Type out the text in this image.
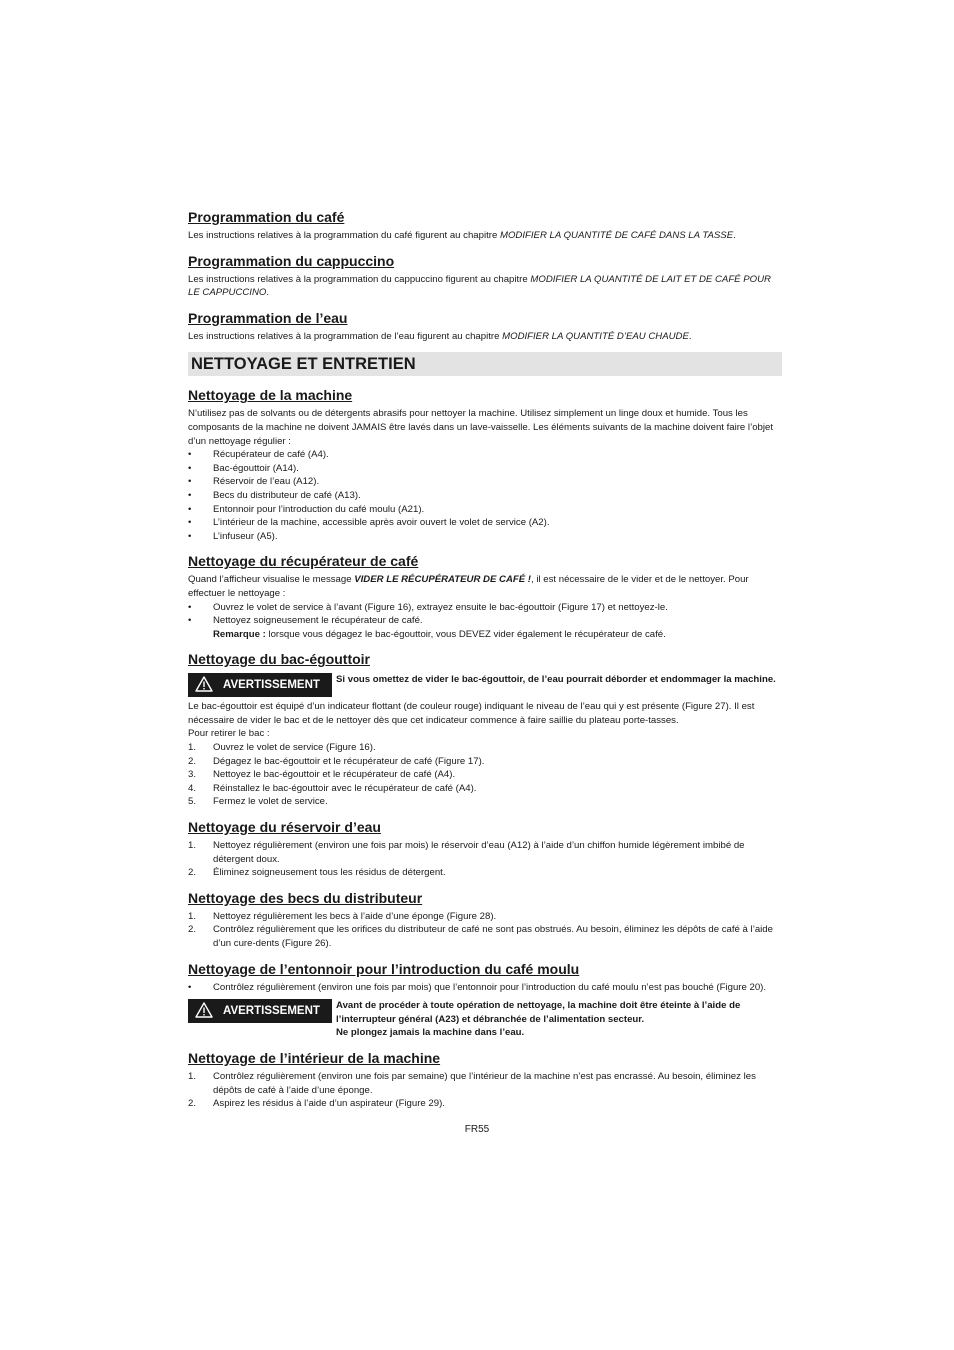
Programmation du café

Les instructions relatives à la programmation du café figurent au chapitre MODIFIER LA QUANTITÉ DE CAFÉ DANS LA TASSE.

Programmation du cappuccino

Les instructions relatives à la programmation du cappuccino figurent au chapitre MODIFIER LA QUANTITÉ DE LAIT ET DE CAFÉ POUR LE CAPPUCCINO.

Programmation de l’eau

Les instructions relatives à la programmation de l’eau figurent au chapitre MODIFIER LA QUANTITÉ D’EAU CHAUDE.

NETTOYAGE ET ENTRETIEN
Nettoyage de la machine

N’utilisez pas de solvants ou de détergents abrasifs pour nettoyer la machine. Utilisez simplement un linge doux et humide. Tous les composants de la machine ne doivent JAMAIS être lavés dans un lave-vaisselle. Les éléments suivants de la machine doivent faire l’objet d’un nettoyage régulier :

• Récupérateur de café (A4).
• Bac-égouttoir (A14).
• Réservoir de l’eau (A12).
• Becs du distributeur de café (A13).
• Entonnoir pour l’introduction du café moulu (A21).
• L’intérieur de la machine, accessible après avoir ouvert le volet de service (A2).
• L’infuseur (A5).
Nettoyage du récupérateur de café

Quand l’afficheur visualise le message VIDER LE RÉCUPÉRATEUR DE CAFÉ !, il est nécessaire de le vider et de le nettoyer. Pour effectuer le nettoyage :

• Ouvrez le volet de service à l’avant (Figure 16), extrayez ensuite le bac-égouttoir (Figure 17) et nettoyez-le.
• Nettoyez soigneusement le récupérateur de café.
Remarque : lorsque vous dégagez le bac-égouttoir, vous DEVEZ vider également le récupérateur de café.
Nettoyage du bac-égouttoir
AVERTISSEMENT Si vous omettez de vider le bac-égouttoir, de l’eau pourrait déborder et endommager la machine.

Le bac-égouttoir est équipé d’un indicateur flottant (de couleur rouge) indiquant le niveau de l’eau qui y est présente (Figure 27). Il est nécessaire de vider le bac et de le nettoyer dès que cet indicateur commence à faire saillie du plateau porte-tasses.

Pour retirer le bac :

1. Ouvrez le volet de service (Figure 16).
2. Dégagez le bac-égouttoir et le récupérateur de café (Figure 17).
3. Nettoyez le bac-égouttoir et le récupérateur de café (A4).
4. Réinstallez le bac-égouttoir avec le récupérateur de café (A4).
5. Fermez le volet de service.
Nettoyage du réservoir d’eau
1. Nettoyez régulièrement (environ une fois par mois) le réservoir d’eau (A12) à l’aide d’un chiffon humide légèrement imbibé de détergent doux.
2. Éliminez soigneusement tous les résidus de détergent.
Nettoyage des becs du distributeur
1. Nettoyez régulièrement les becs à l’aide d’une éponge (Figure 28).
2. Contrôlez régulièrement que les orifices du distributeur de café ne sont pas obstrués. Au besoin, éliminez les dépôts de café à l’aide d’un cure-dents (Figure 26).
Nettoyage de l’entonnoir pour l’introduction du café moulu
• Contrôlez régulièrement (environ une fois par mois) que l’entonnoir pour l’introduction du café moulu n’est pas bouché (Figure 20).
AVERTISSEMENT Avant de procéder à toute opération de nettoyage, la machine doit être éteinte à l’aide de l’interrupteur général (A23) et débranchée de l’alimentation secteur.
Ne plongez jamais la machine dans l’eau.
Nettoyage de l’intérieur de la machine
1. Contrôlez régulièrement (environ une fois par semaine) que l’intérieur de la machine n’est pas encrassé. Au besoin, éliminez les dépôts de café à l’aide d’une éponge.
2. Aspirez les résidus à l’aide d’un aspirateur (Figure 29).
FR55
